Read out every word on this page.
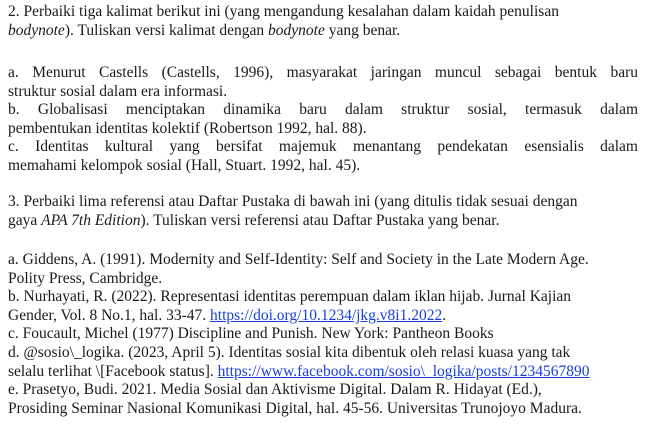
2. Perbaiki tiga kalimat berikut ini (yang mengandung kesalahan dalam kaidah penulisan
bodynote). Tuliskan versi kalimat dengan bodynote yang benar.

a. Menurut Castells (Castells, 1996), masyarakat jaringan muncul sebagai bentuk baru
struktur sosial dalam era informasi.
b. Globalisasi menciptakan dinamika baru dalam struktur sosial, termasuk dalam
pembentukan identitas kolektif (Robertson 1992, hal. 88).
c. Identitas kultural yang bersifat majemuk menantang pendekatan esensialis dalam
memahami kelompok sosial (Hall, Stuart. 1992, hal. 45).

3. Perbaiki lima referensi atau Daftar Pustaka di bawah ini (yang ditulis tidak sesuai dengan
gaya APA 7th Edition). Tuliskan versi referensi atau Daftar Pustaka yang benar.

a. Giddens, A. (1991). Modernity and Self-Identity: Self and Society in the Late Modern Age.
Polity Press, Cambridge.
b. Nurhayati, R. (2022). Representasi identitas perempuan dalam iklan hijab. Jurnal Kajian
Gender, Vol. 8 No.1, hal. 33-47. https://doi.org/10.1234/jkg.v8i1.2022.
c. Foucault, Michel (1977) Discipline and Punish. New York: Pantheon Books
d. @sosio\_logika. (2023, April 5). Identitas sosial kita dibentuk oleh relasi kuasa yang tak
selalu terlihat \[Facebook status]. https://www.facebook.com/sosio\_logika/posts/1234567890
e. Prasetyo, Budi. 2021. Media Sosial dan Aktivisme Digital. Dalam R. Hidayat (Ed.),
Prosiding Seminar Nasional Komunikasi Digital, hal. 45-56. Universitas Trunojoyo Madura.
